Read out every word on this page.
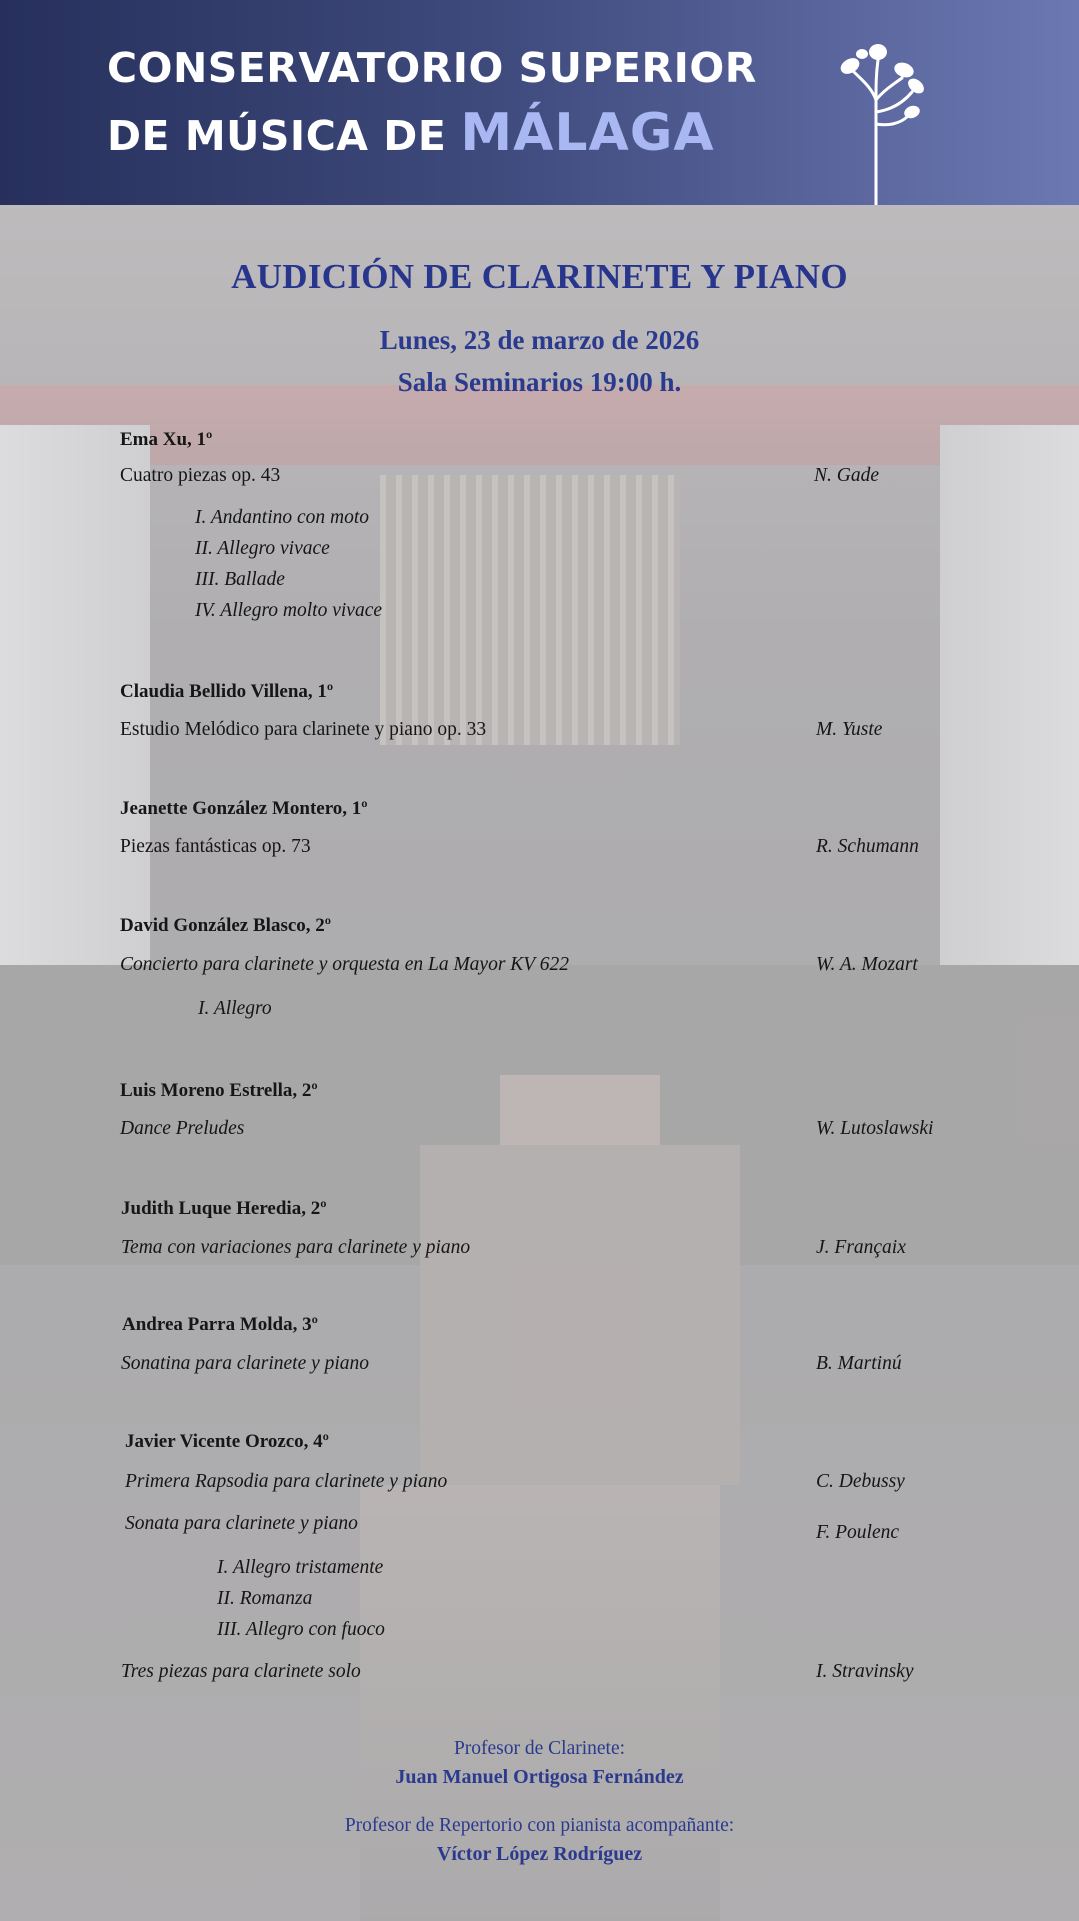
CONSERVATORIO SUPERIOR
DE MÚSICA DE MÁLAGA
AUDICIÓN DE CLARINETE Y PIANO
Lunes, 23 de marzo de 2026
Sala Seminarios 19:00 h.
Ema Xu, 1º
Cuatro piezas op. 43	N. Gade
I. Andantino con moto
II. Allegro vivace
III. Ballade
IV. Allegro molto vivace
Claudia Bellido Villena, 1º
Estudio Melódico para clarinete y piano op. 33	M. Yuste
Jeanette González Montero, 1º
Piezas fantásticas op. 73	R. Schumann
David González Blasco, 2º
Concierto para clarinete y orquesta en La Mayor KV 622	W. A. Mozart
I. Allegro
Luis Moreno Estrella, 2º
Dance Preludes	W. Lutoslawski
Judith Luque Heredia, 2º
Tema con variaciones para clarinete y piano	J. Françaix
Andrea Parra Molda, 3º
Sonatina para clarinete y piano	B. Martinú
Javier Vicente Orozco, 4º
Primera Rapsodia para clarinete y piano	C. Debussy
Sonata para clarinete y piano	F. Poulenc
I. Allegro tristamente
II. Romanza
III. Allegro con fuoco
Tres piezas para clarinete solo	I. Stravinsky
Profesor de Clarinete:
Juan Manuel Ortigosa Fernández
Profesor de Repertorio con pianista acompañante:
Víctor López Rodríguez
